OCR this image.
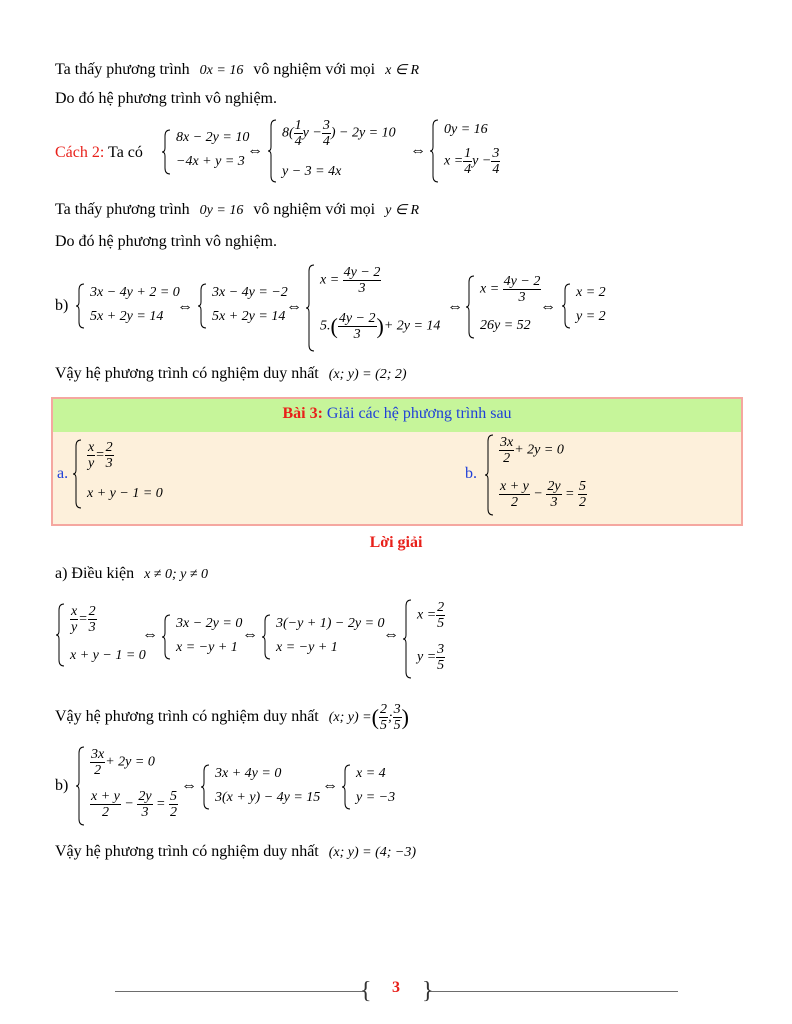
Ta thấy phương trình 0x = 16 vô nghiệm với mọi x ∈ R
Do đó hệ phương trình vô nghiệm.
Cách 2: Ta có
8x − 2y = 10
−4x + y = 3
⇔
$8( \frac{1}{4}$ $y - \frac{3}{4}$ ) − 2y = 10
y − 3 = 4x
⇔
0y = 16
$x = \frac{1}{4}$ $y - \frac{3}{4}$
Ta thấy phương trình 0y = 16 vô nghiệm với mọi y ∈ R
Do đó hệ phương trình vô nghiệm.
b)
3x − 4y + 2 = 0
5x + 2y = 14
⇔
3x − 4y = −2
5x + 2y = 14
⇔
$x = \frac{4y - 2}{3}$
$5.( \frac{4y - 2}{3}$ )+ 2y = 14
⇔
$x = \frac{4y - 2}{3}$
26y = 52
⇔
x = 2
y = 2
Vậy hệ phương trình có nghiệm duy nhất (x; y) = (2; 2)
Bài 3: Giải các hệ phương trình sau
a.
$\frac{x}{y} = \frac{2}{3}$
x + y − 1 = 0
b.
$\frac{3x}{2} + 2y = 0$
$\frac{x + y}{2} - \frac{2y}{3} = \frac{5}{2}$
Lời giải
a) Điều kiện x ≠ 0; y ≠ 0
$\frac{x}{y} = \frac{2}{3}$
x + y − 1 = 0
⇔
3x − 2y = 0
x = −y + 1
⇔
3(−y + 1) − 2y = 0
x = −y + 1
⇔
$x = \frac{2}{5}$
$y = \frac{3}{5}$
Vậy hệ phương trình có nghiệm duy nhất (x; y) =( $\frac{2}{5}$ ; $\frac{3}{5}$ )
b)
$\frac{3x}{2} + 2y = 0$
$\frac{x + y}{2} - \frac{2y}{3} = \frac{5}{2}$
⇔
3x + 4y = 0
3(x + y) − 4y = 15
⇔
x = 4
y = −3
Vậy hệ phương trình có nghiệm duy nhất (x; y) = (4; −3)
{ }
3
